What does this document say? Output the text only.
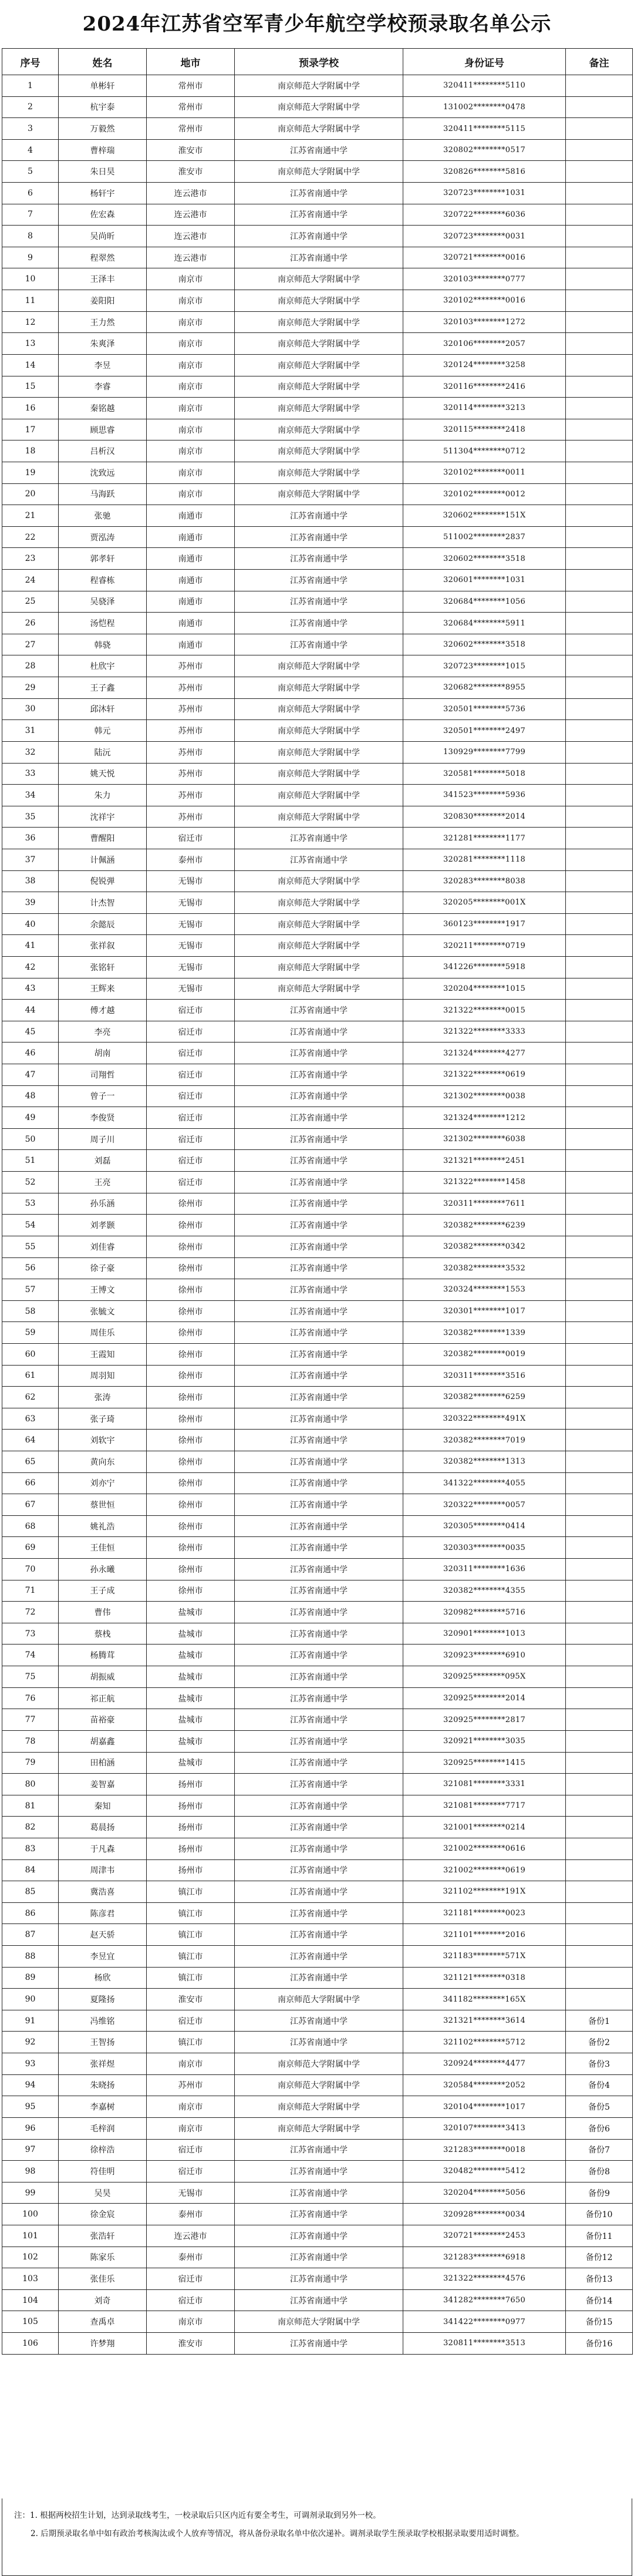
2024年江苏省空军青少年航空学校预录取名单公示
序号	姓名	地市	预录学校	身份证号	备注
1	单彬轩	常州市	南京师范大学附属中学	320411********5110	
2	杭宇泰	常州市	南京师范大学附属中学	131002********0478	
3	万毅然	常州市	南京师范大学附属中学	320411********5115	
4	曹梓瑞	淮安市	江苏省南通中学	320802********0517	
5	朱日昊	淮安市	南京师范大学附属中学	320826********5816	
6	杨轩宇	连云港市	江苏省南通中学	320723********1031	
7	佐宏森	连云港市	江苏省南通中学	320722********6036	
8	吴尚昕	连云港市	江苏省南通中学	320723********0031	
9	程翠然	连云港市	江苏省南通中学	320721********0016	
10	王泽丰	南京市	南京师范大学附属中学	320103********0777	
11	姜阳阳	南京市	南京师范大学附属中学	320102********0016	
12	王力然	南京市	南京师范大学附属中学	320103********1272	
13	朱爽泽	南京市	南京师范大学附属中学	320106********2057	
14	李昱	南京市	南京师范大学附属中学	320124********3258	
15	李睿	南京市	南京师范大学附属中学	320116********2416	
16	秦铭越	南京市	南京师范大学附属中学	320114********3213	
17	顾思睿	南京市	南京师范大学附属中学	320115********2418	
18	吕析汉	南京市	南京师范大学附属中学	511304********0712	
19	沈致远	南京市	南京师范大学附属中学	320102********0011	
20	马海跃	南京市	南京师范大学附属中学	320102********0012	
21	张驰	南通市	江苏省南通中学	320602********151X	
22	贾泓涛	南通市	江苏省南通中学	511002********2837	
23	郭孝轩	南通市	江苏省南通中学	320602********3518	
24	程睿栋	南通市	江苏省南通中学	320601********1031	
25	吴骁泽	南通市	江苏省南通中学	320684********1056	
26	汤恺程	南通市	江苏省南通中学	320684********5911	
27	韩骁	南通市	江苏省南通中学	320602********3518	
28	杜欣宇	苏州市	南京师范大学附属中学	320723********1015	
29	王子鑫	苏州市	南京师范大学附属中学	320682********8955	
30	邱沐轩	苏州市	南京师范大学附属中学	320501********5736	
31	韩元	苏州市	南京师范大学附属中学	320501********2497	
32	陆沅	苏州市	南京师范大学附属中学	130929********7799	
33	姚天悦	苏州市	南京师范大学附属中学	320581********5018	
34	朱力	苏州市	南京师范大学附属中学	341523********5936	
35	沈祥宇	苏州市	南京师范大学附属中学	320830********2014	
36	曹醒阳	宿迁市	江苏省南通中学	321281********1177	
37	计佩涵	泰州市	江苏省南通中学	320281********1118	
38	倪锐弹	无锡市	南京师范大学附属中学	320283********8038	
39	计杰智	无锡市	南京师范大学附属中学	320205********001X	
40	余懿辰	无锡市	南京师范大学附属中学	360123********1917	
41	张祥叙	无锡市	南京师范大学附属中学	320211********0719	
42	张铭轩	无锡市	南京师范大学附属中学	341226********5918	
43	王辉来	无锡市	南京师范大学附属中学	320204********1015	
44	傅才越	宿迁市	江苏省南通中学	321322********0015	
45	李亮	宿迁市	江苏省南通中学	321322********3333	
46	胡南	宿迁市	江苏省南通中学	321324********4277	
47	司翔哲	宿迁市	江苏省南通中学	321322********0619	
48	曾子一	宿迁市	江苏省南通中学	321302********0038	
49	李俊贤	宿迁市	江苏省南通中学	321324********1212	
50	周子川	宿迁市	江苏省南通中学	321302********6038	
51	刘磊	宿迁市	江苏省南通中学	321321********2451	
52	王亮	宿迁市	江苏省南通中学	321322********1458	
53	孙乐涵	徐州市	江苏省南通中学	320311********7611	
54	刘孝颢	徐州市	江苏省南通中学	320382********6239	
55	刘佳睿	徐州市	江苏省南通中学	320382********0342	
56	徐子豪	徐州市	江苏省南通中学	320382********3532	
57	王博文	徐州市	江苏省南通中学	320324********1553	
58	张毓文	徐州市	江苏省南通中学	320301********1017	
59	周佳乐	徐州市	江苏省南通中学	320382********1339	
60	王霞知	徐州市	江苏省南通中学	320382********0019	
61	周羽知	徐州市	江苏省南通中学	320311********3516	
62	张涛	徐州市	江苏省南通中学	320382********6259	
63	张子琦	徐州市	江苏省南通中学	320322********491X	
64	刘软宇	徐州市	江苏省南通中学	320382********7019	
65	黄向东	徐州市	江苏省南通中学	320382********1313	
66	刘亦宁	徐州市	江苏省南通中学	341322********4055	
67	蔡世恒	徐州市	江苏省南通中学	320322********0057	
68	姚礼浩	徐州市	江苏省南通中学	320305********0414	
69	王佳恒	徐州市	江苏省南通中学	320303********0035	
70	孙永曦	徐州市	江苏省南通中学	320311********1636	
71	王子成	徐州市	江苏省南通中学	320382********4355	
72	曹伟	盐城市	江苏省南通中学	320982********5716	
73	蔡栈	盐城市	江苏省南通中学	320901********1013	
74	杨腾茸	盐城市	江苏省南通中学	320923********6910	
75	胡振威	盐城市	江苏省南通中学	320925********095X	
76	祁正航	盐城市	江苏省南通中学	320925********2014	
77	苗裕豪	盐城市	江苏省南通中学	320925********2817	
78	胡嘉鑫	盐城市	江苏省南通中学	320921********3035	
79	田柏涵	盐城市	江苏省南通中学	320925********1415	
80	姜智嘉	扬州市	江苏省南通中学	321081********3331	
81	秦知	扬州市	江苏省南通中学	321081********7717	
82	葛晨扬	扬州市	江苏省南通中学	321001********0214	
83	于凡森	扬州市	江苏省南通中学	321002********0616	
84	周津韦	扬州市	江苏省南通中学	321002********0619	
85	冀浩喜	镇江市	江苏省南通中学	321102********191X	
86	陈彦君	镇江市	江苏省南通中学	321181********0023	
87	赵天骄	镇江市	江苏省南通中学	321101********2016	
88	李昱宜	镇江市	江苏省南通中学	321183********571X	
89	杨欣	镇江市	江苏省南通中学	321121********0318	
90	夏隆扬	淮安市	南京师范大学附属中学	341182********165X	
91	冯维铭	宿迁市	江苏省南通中学	321321********3614	备份1
92	王智扬	镇江市	江苏省南通中学	321102********5712	备份2
93	张祥煜	南京市	南京师范大学附属中学	320924********4477	备份3
94	朱晓扬	苏州市	南京师范大学附属中学	320584********2052	备份4
95	李嘉树	南京市	南京师范大学附属中学	320104********1017	备份5
96	毛梓润	南京市	南京师范大学附属中学	320107********3413	备份6
97	徐梓浩	宿迁市	江苏省南通中学	321283********0018	备份7
98	符佳明	宿迁市	江苏省南通中学	320482********5412	备份8
99	吴昊	无锡市	江苏省南通中学	320204********5056	备份9
100	徐金宸	泰州市	江苏省南通中学	320928********0034	备份10
101	张浩轩	连云港市	江苏省南通中学	320721********2453	备份11
102	陈家乐	泰州市	江苏省南通中学	321283********6918	备份12
103	张佳乐	宿迁市	江苏省南通中学	321322********4576	备份13
104	刘奇	宿迁市	江苏省南通中学	341282********7650	备份14
105	查禹卓	南京市	南京师范大学附属中学	341422********0977	备份15
106	许梦翔	淮安市	江苏省南通中学	320811********3513	备份16

注：1. 根据两校招生计划，达到录取线考生，一校录取后只区内近有要全考生，可调剂录取到另外一校。

2. 后期预录取名单中如有政治考核淘汰或个人放弃等情况，将从备份录取名单中依次递补。调剂录取学生预录取学校根据录取要用适时调整。
